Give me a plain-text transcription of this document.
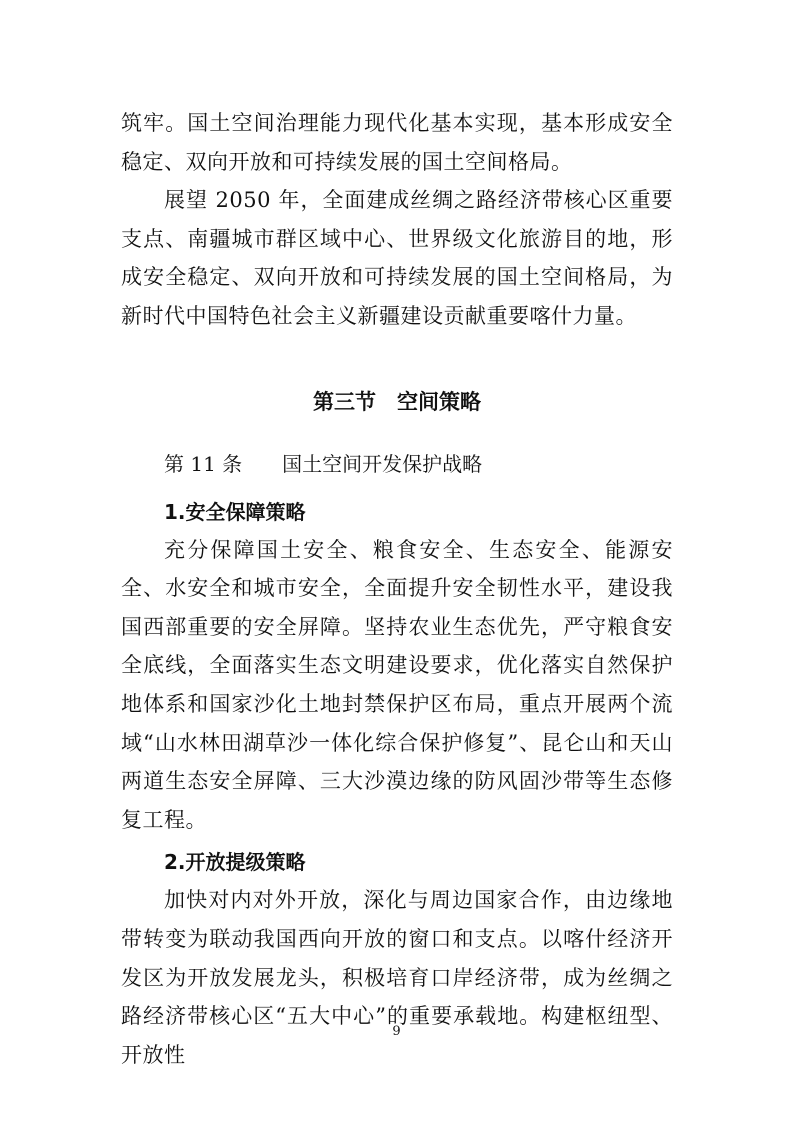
筑牢。国土空间治理能力现代化基本实现，基本形成安全稳定、双向开放和可持续发展的国土空间格局。

展望 2050 年，全面建成丝绸之路经济带核心区重要支点、南疆城市群区域中心、世界级文化旅游目的地，形成安全稳定、双向开放和可持续发展的国土空间格局，为新时代中国特色社会主义新疆建设贡献重要喀什力量。

第三节　空间策略
第 11 条 国土空间开发保护战略
1.安全保障策略

充分保障国土安全、粮食安全、生态安全、能源安全、水安全和城市安全，全面提升安全韧性水平，建设我国西部重要的安全屏障。坚持农业生态优先，严守粮食安全底线，全面落实生态文明建设要求，优化落实自然保护地体系和国家沙化土地封禁保护区布局，重点开展两个流域“山水林田湖草沙一体化综合保护修复”、昆仑山和天山两道生态安全屏障、三大沙漠边缘的防风固沙带等生态修复工程。

2.开放提级策略

加快对内对外开放，深化与周边国家合作，由边缘地带转变为联动我国西向开放的窗口和支点。以喀什经济开发区为开放发展龙头，积极培育口岸经济带，成为丝绸之路经济带核心区“五大中心”的重要承载地。构建枢纽型、开放性

9
